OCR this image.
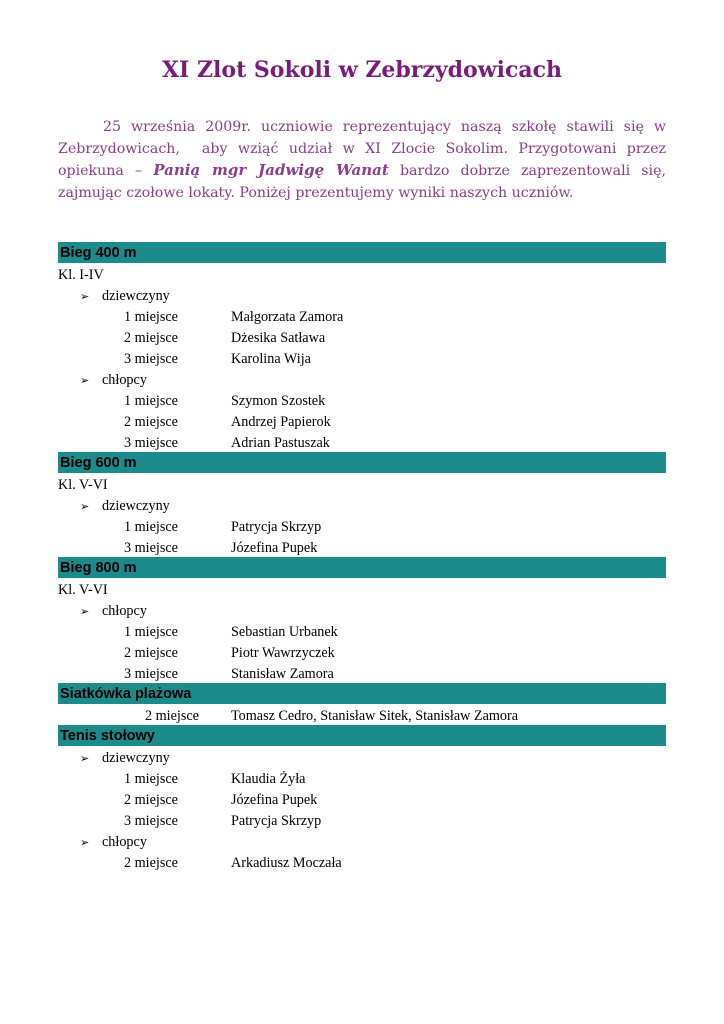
XI Zlot Sokoli w Zebrzydowicach

25 września 2009r. uczniowie reprezentujący naszą szkołę stawili się w Zebrzydowicach, aby wziąć udział w XI Zlocie Sokolim. Przygotowani przez opiekuna – Panią mgr Jadwigę Wanat bardzo dobrze zaprezentowali się, zajmując czołowe lokaty. Poniżej prezentujemy wyniki naszych uczniów.

Bieg 400 m
Kl. I-IV
➢ dziewczyny
1 miejsce	Małgorzata Zamora
2 miejsce	Dżesika Satława
3 miejsce	Karolina Wija
➢ chłopcy
1 miejsce	Szymon Szostek
2 miejsce	Andrzej Papierok
3 miejsce	Adrian Pastuszak
Bieg 600 m
Kl. V-VI
➢ dziewczyny
1 miejsce	Patrycja Skrzyp
3 miejsce	Józefina Pupek
Bieg 800 m
Kl. V-VI
➢ chłopcy
1 miejsce	Sebastian Urbanek
2 miejsce	Piotr Wawrzyczek
3 miejsce	Stanisław Zamora
Siatkówka plażowa
2 miejsce Tomasz Cedro, Stanisław Sitek, Stanisław Zamora
Tenis stołowy
➢ dziewczyny
1 miejsce	Klaudia Żyła
2 miejsce	Józefina Pupek
3 miejsce	Patrycja Skrzyp
➢ chłopcy
2 miejsce	Arkadiusz Moczała
